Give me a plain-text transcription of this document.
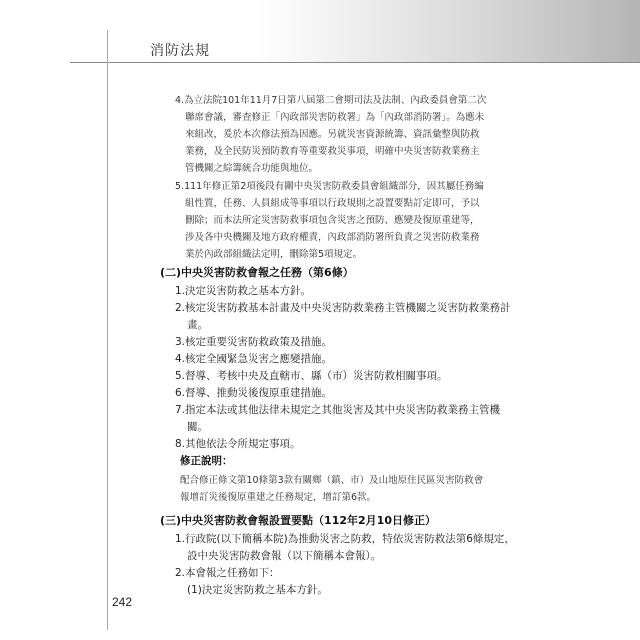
消防法規
4.為立法院101年11月7日第八屆第二會期司法及法制、內政委員會第二次
聯席會議，審查修正「內政部災害防救署」為「內政部消防署」。為應未
來組改，爰於本次修法預為因應。另就災害資源統籌、資訊彙整與防救
業務，及全民防災預防教育等重要救災事項，明確中央災害防救業務主
管機關之綜籌統合功能與地位。
5.111年修正第2項後段有關中央災害防救委員會組織部分，因其屬任務編
組性質，任務、人員組成等事項以行政規則之設置要點訂定即可，予以
刪除；而本法所定災害防救事項包含災害之預防、應變及復原重建等，
涉及各中央機關及地方政府權責，內政部消防署所負責之災害防救業務
業於內政部組織法定明，刪除第5項規定。
(二)中央災害防救會報之任務（第6條）
1.決定災害防救之基本方針。
2.核定災害防救基本計畫及中央災害防救業務主管機關之災害防救業務計
畫。
3.核定重要災害防救政策及措施。
4.核定全國緊急災害之應變措施。
5.督導、考核中央及直轄市、縣（市）災害防救相關事項。
6.督導、推動災後復原重建措施。
7.指定本法或其他法律未規定之其他災害及其中央災害防救業務主管機
關。
8.其他依法令所規定事項。
修正說明：
配合修正條文第10條第3款有關鄉（鎮、市）及山地原住民區災害防救會
報增訂災後復原重建之任務規定，增訂第6款。
(三)中央災害防救會報設置要點（112年2月10日修正）
1.行政院(以下簡稱本院)為推動災害之防救，特依災害防救法第6條規定，
設中央災害防救會報（以下簡稱本會報）。
2.本會報之任務如下：
(1)決定災害防救之基本方針。
242
